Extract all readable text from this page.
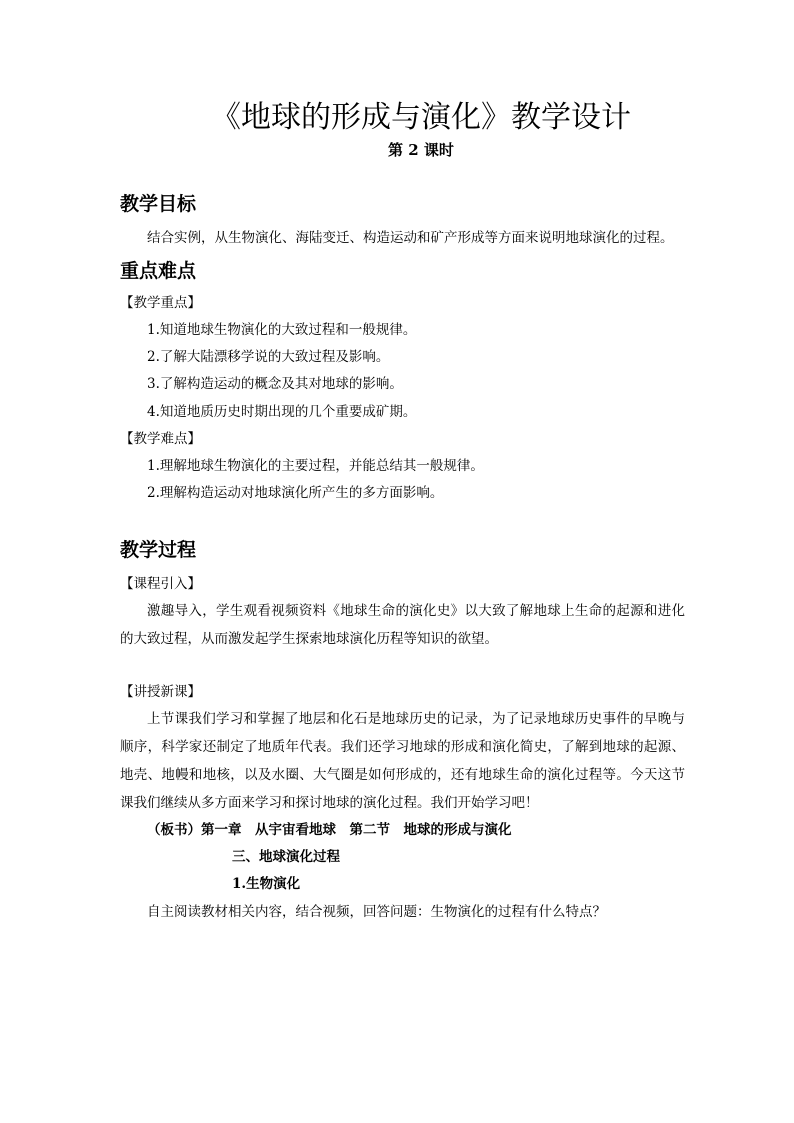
《地球的形成与演化》教学设计
第 2 课时
教学目标
结合实例，从生物演化、海陆变迁、构造运动和矿产形成等方面来说明地球演化的过程。
重点难点
【教学重点】
1.知道地球生物演化的大致过程和一般规律。
2.了解大陆漂移学说的大致过程及影响。
3.了解构造运动的概念及其对地球的影响。
4.知道地质历史时期出现的几个重要成矿期。
【教学难点】
1.理解地球生物演化的主要过程，并能总结其一般规律。
2.理解构造运动对地球演化所产生的多方面影响。
教学过程
【课程引入】
激趣导入，学生观看视频资料《地球生命的演化史》以大致了解地球上生命的起源和进化的大致过程，从而激发起学生探索地球演化历程等知识的欲望。
【讲授新课】
上节课我们学习和掌握了地层和化石是地球历史的记录，为了记录地球历史事件的早晚与顺序，科学家还制定了地质年代表。我们还学习地球的形成和演化简史，了解到地球的起源、地壳、地幔和地核，以及水圈、大气圈是如何形成的，还有地球生命的演化过程等。今天这节课我们继续从多方面来学习和探讨地球的演化过程。我们开始学习吧！
（板书）第一章　从宇宙看地球　第二节　地球的形成与演化
三、地球演化过程
1.生物演化
自主阅读教材相关内容，结合视频，回答问题：生物演化的过程有什么特点？
